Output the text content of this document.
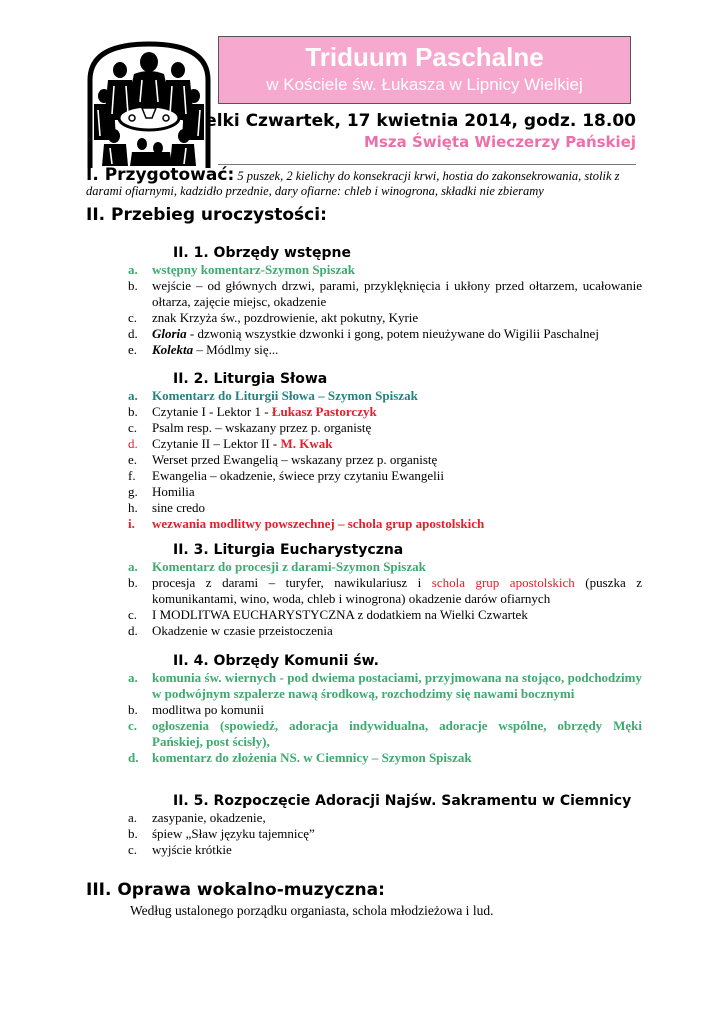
Triduum Paschalne
w Kościele św. Łukasza w Lipnicy Wielkiej
Wielki Czwartek, 17 kwietnia 2014, godz. 18.00
Msza Święta Wieczerzy Pańskiej
I. Przygotować: 5 puszek, 2 kielichy do konsekracji krwi, hostia do zakonsekrowania, stolik z darami ofiarnymi, kadzidło przednie, dary ofiarne: chleb i winogrona, składki nie zbieramy
II. Przebieg uroczystości:
II. 1. Obrzędy wstępne
a.	wstępny komentarz-Szymon Spiszak
b.	wejście – od głównych drzwi, parami, przyklęknięcia i ukłony przed ołtarzem, ucałowanie ołtarza, zajęcie miejsc, okadzenie
c.	znak Krzyża św., pozdrowienie, akt pokutny, Kyrie
d.	Gloria - dzwonią wszystkie dzwonki i gong, potem nieużywane do Wigilii Paschalnej
e.	Kolekta – Módlmy się...
II. 2. Liturgia Słowa
a.	Komentarz do Liturgii Słowa – Szymon Spiszak
b.	Czytanie I - Lektor 1 - Łukasz Pastorczyk
c.	Psalm resp. – wskazany przez p. organistę
d.	Czytanie II – Lektor II - M. Kwak
e.	Werset przed Ewangelią – wskazany przez p. organistę
f.	Ewangelia – okadzenie, świece przy czytaniu Ewangelii
g.	Homilia
h.	sine credo
i.	wezwania modlitwy powszechnej – schola grup apostolskich
II. 3. Liturgia Eucharystyczna
a.	Komentarz do procesji z darami-Szymon Spiszak
b.	procesja z darami – turyfer, nawikulariusz i schola grup apostolskich (puszka z komunikantami, wino, woda, chleb i winogrona) okadzenie darów ofiarnych
c.	I MODLITWA EUCHARYSTYCZNA z dodatkiem na Wielki Czwartek
d.	Okadzenie w czasie przeistoczenia
II. 4. Obrzędy Komunii św.
a.	komunia św. wiernych - pod dwiema postaciami, przyjmowana na stojąco, podchodzimy w podwójnym szpalerze nawą środkową, rozchodzimy się nawami bocznymi
b.	modlitwa po komunii
c.	ogłoszenia (spowiedź, adoracja indywidualna, adoracje wspólne, obrzędy Męki Pańskiej, post ścisły),
d.	komentarz do złożenia NS. w Ciemnicy – Szymon Spiszak
II. 5. Rozpoczęcie Adoracji Najśw. Sakramentu w Ciemnicy
a.	zasypanie, okadzenie,
b.	śpiew „Sław języku tajemnicę”
c.	wyjście krótkie
III. Oprawa wokalno-muzyczna:
Według ustalonego porządku organiasta, schola młodzieżowa i lud.
